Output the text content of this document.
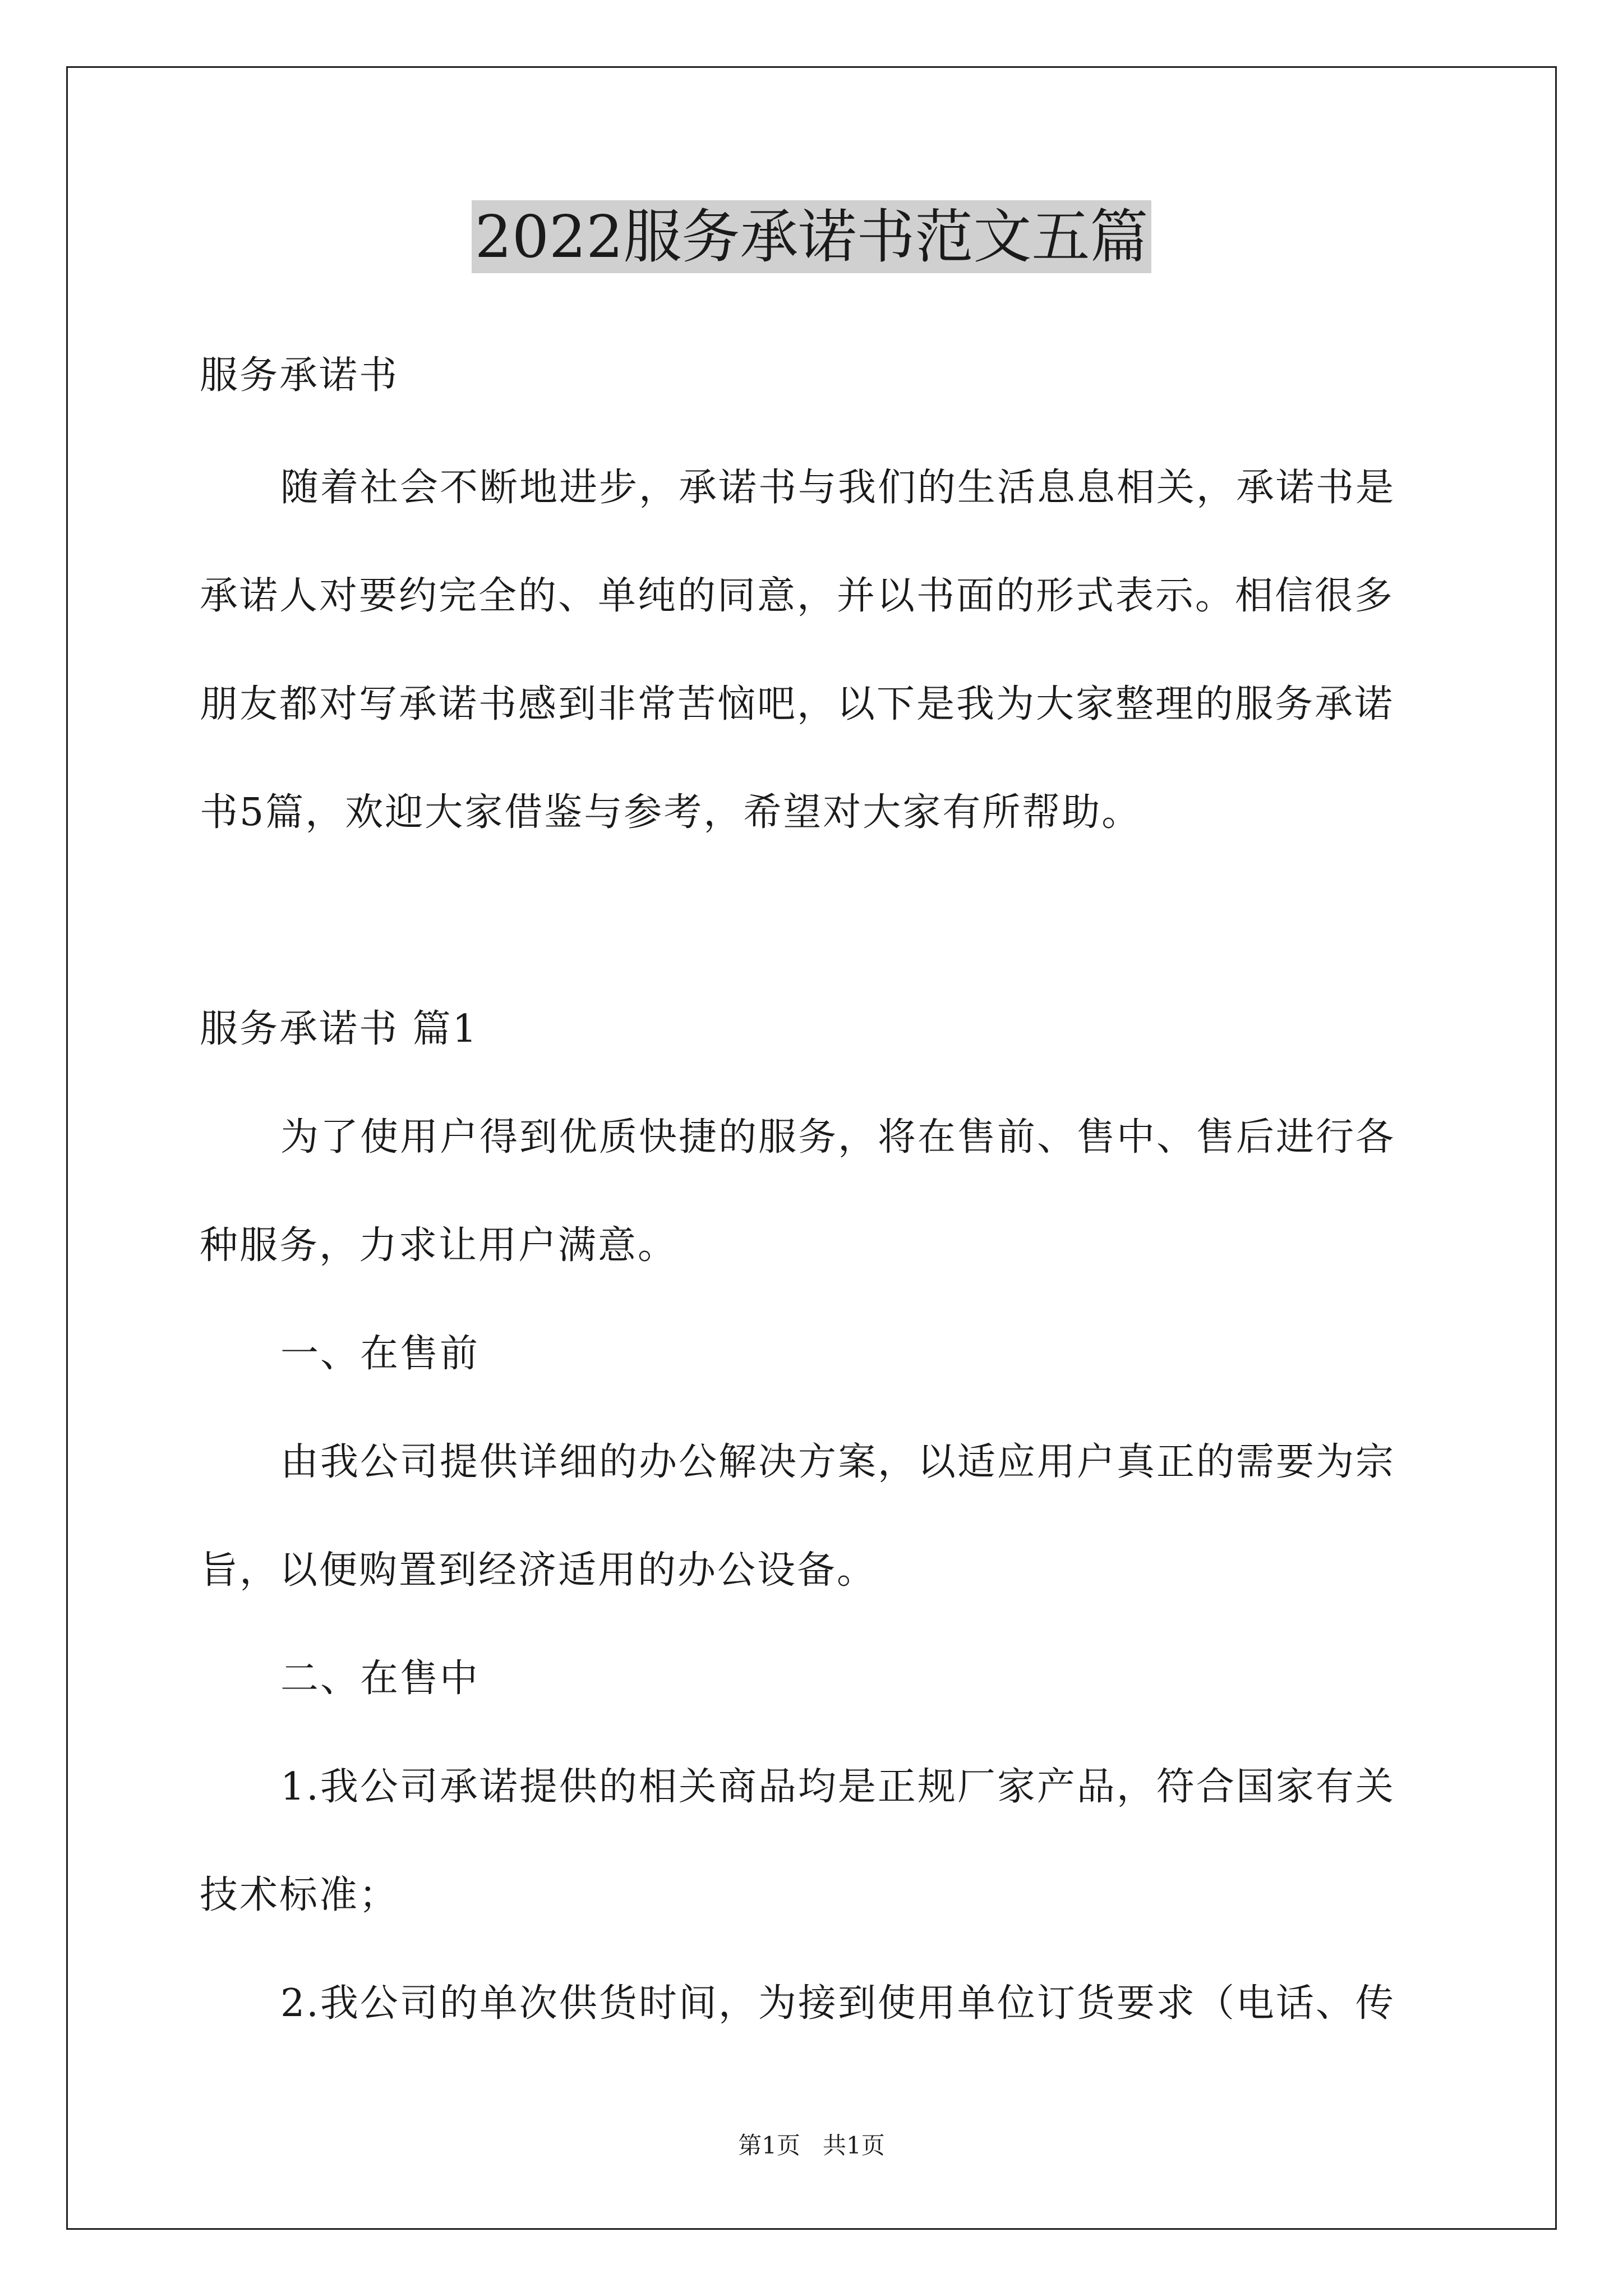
2022服务承诺书范文五篇
服务承诺书
随着社会不断地进步，承诺书与我们的生活息息相关，承诺书是
承诺人对要约完全的、单纯的同意，并以书面的形式表示。相信很多
朋友都对写承诺书感到非常苦恼吧，以下是我为大家整理的服务承诺
书5篇，欢迎大家借鉴与参考，希望对大家有所帮助。
服务承诺书 篇1
为了使用户得到优质快捷的服务，将在售前、售中、售后进行各
种服务，力求让用户满意。
一、在售前
由我公司提供详细的办公解决方案，以适应用户真正的需要为宗
旨，以便购置到经济适用的办公设备。
二、在售中
1.我公司承诺提供的相关商品均是正规厂家产品，符合国家有关
技术标准；
2.我公司的单次供货时间，为接到使用单位订货要求（电话、传
第1页   共1页
